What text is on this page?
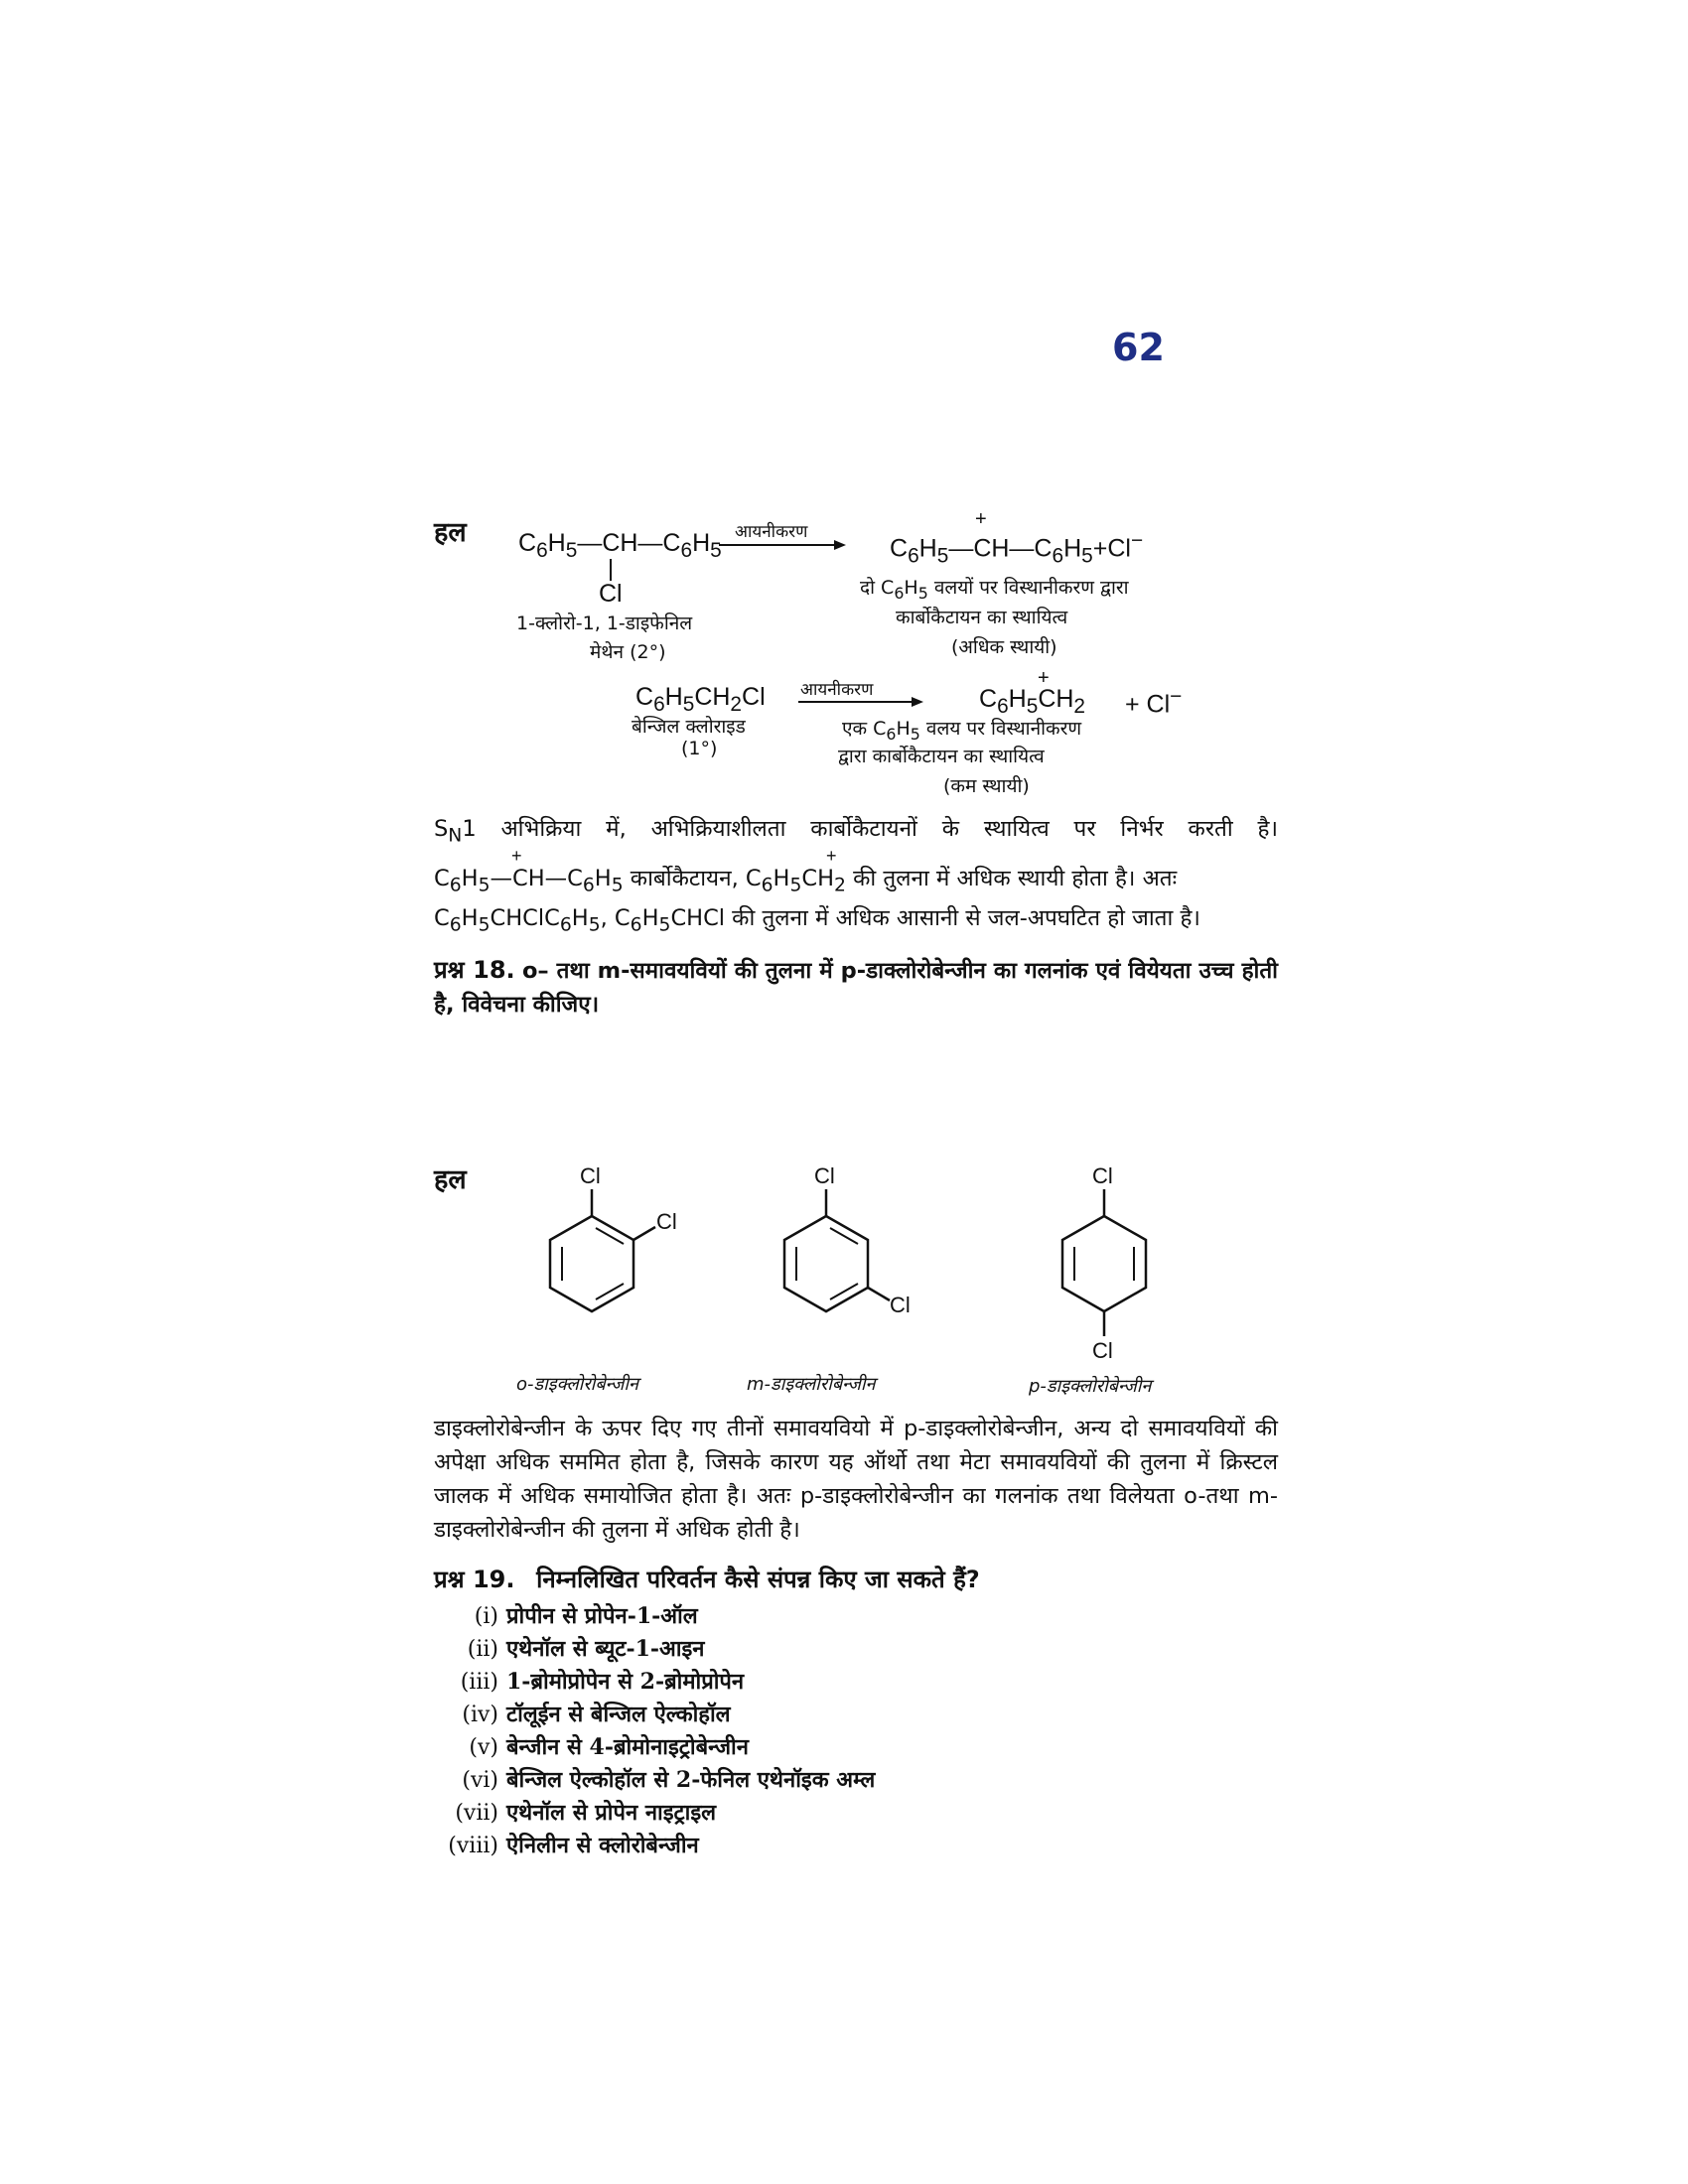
62
हल $C_6H_5—CH—C_6H_5$
Cl
1-क्लोरो-1, 1-डाइफेनिल
मेथेन (2°)
आयनीकरण
+
$C_6H_5—CH—C_6H_5+Cl^-$
दो $C_6H_5$ वलयों पर विस्थानीकरण द्वारा
कार्बोकैटायन का स्थायित्व
(अधिक स्थायी)
$C_6H_5CH_2Cl$
बेन्जिल क्लोराइड
(1°)
आयनीकरण
+
$C_6H_5CH_2 + Cl^-$
एक $C_6H_5$ वलय पर विस्थानीकरण
द्वारा कार्बोकैटायन का स्थायित्व
(कम स्थायी)
$S_N1$ अभिक्रिया में, अभिक्रियाशीलता कार्बोकैटायनों के स्थायित्व पर निर्भर करती है।
+	+
$C_6H_5—CH—C_6H_5$ कार्बोकैटायन, $C_6H_5CH_2$ की तुलना में अधिक स्थायी होता है। अतः
$C_6H_5CHClC_6H_5$, $C_6H_5CHCl$ की तुलना में अधिक आसानी से जल-अपघटित हो जाता है।
प्रश्न 18. o– तथा m-समावयवियों की तुलना में p-डाक्लोरोबेन्जीन का गलनांक एवं वियेयता उच्च होती है, विवेचना कीजिए।
हल	Cl
Cl
Cl
Cl
Cl
Cl
o-डाइक्लोरोबेन्जीन	m-डाइक्लोरोबेन्जीन	p-डाइक्लोरोबेन्जीन
डाइक्लोरोबेन्जीन के ऊपर दिए गए तीनों समावयवियो में p-डाइक्लोरोबेन्जीन, अन्य दो समावयवियों की अपेक्षा अधिक सममित होता है, जिसके कारण यह ऑर्थो तथा मेटा समावयवियों की तुलना में क्रिस्टल जालक में अधिक समायोजित होता है। अतः p-डाइक्लोरोबेन्जीन का गलनांक तथा विलेयता o-तथा m-डाइक्लोरोबेन्जीन की तुलना में अधिक होती है।
प्रश्न 19. निम्नलिखित परिवर्तन कैसे संपन्न किए जा सकते हैं?
(i) प्रोपीन से प्रोपेन-1-ऑल
(ii) एथेनॉल से ब्यूट-1-आइन
(iii) 1-ब्रोमोप्रोपेन से 2-ब्रोमोप्रोपेन
(iv) टॉलूईन से बेन्जिल ऐल्कोहॉल
(v) बेन्जीन से 4-ब्रोमोनाइट्रोबेन्जीन
(vi) बेन्जिल ऐल्कोहॉल से 2-फेनिल एथेनॉइक अम्ल
(vii) एथेनॉल से प्रोपेन नाइट्राइल
(viii) ऐनिलीन से क्लोरोबेन्जीन
